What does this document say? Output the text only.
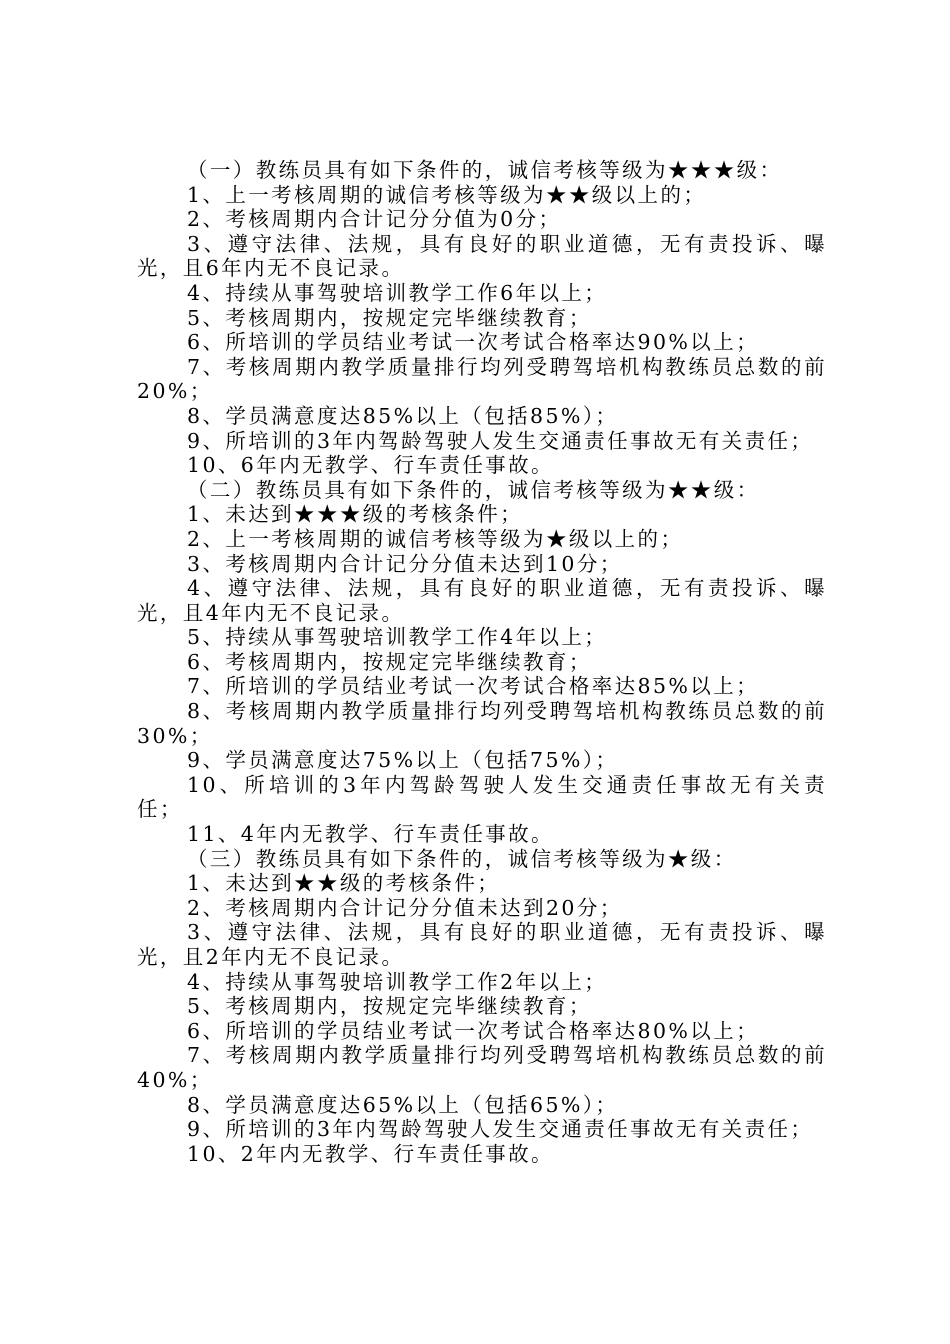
（一）教练员具有如下条件的，诚信考核等级为★★★级：

1、上一考核周期的诚信考核等级为★★级以上的；

2、考核周期内合计记分分值为0分；

3、遵守法律、法规，具有良好的职业道德，无有责投诉、曝光，且6年内无不良记录。

4、持续从事驾驶培训教学工作6年以上；

5、考核周期内，按规定完毕继续教育；

6、所培训的学员结业考试一次考试合格率达90%以上；

7、考核周期内教学质量排行均列受聘驾培机构教练员总数的前20%；

8、学员满意度达85%以上（包括85%）；

9、所培训的3年内驾龄驾驶人发生交通责任事故无有关责任；

10、6年内无教学、行车责任事故。

（二）教练员具有如下条件的，诚信考核等级为★★级：

1、未达到★★★级的考核条件；

2、上一考核周期的诚信考核等级为★级以上的；

3、考核周期内合计记分分值未达到10分；

4、遵守法律、法规，具有良好的职业道德，无有责投诉、曝光，且4年内无不良记录。

5、持续从事驾驶培训教学工作4年以上；

6、考核周期内，按规定完毕继续教育；

7、所培训的学员结业考试一次考试合格率达85%以上；

8、考核周期内教学质量排行均列受聘驾培机构教练员总数的前30%；

9、学员满意度达75%以上（包括75%）；

10、所培训的3年内驾龄驾驶人发生交通责任事故无有关责任；

11、4年内无教学、行车责任事故。

（三）教练员具有如下条件的，诚信考核等级为★级：

1、未达到★★级的考核条件；

2、考核周期内合计记分分值未达到20分；

3、遵守法律、法规，具有良好的职业道德，无有责投诉、曝光，且2年内无不良记录。

4、持续从事驾驶培训教学工作2年以上；

5、考核周期内，按规定完毕继续教育；

6、所培训的学员结业考试一次考试合格率达80%以上；

7、考核周期内教学质量排行均列受聘驾培机构教练员总数的前40%；

8、学员满意度达65%以上（包括65%）；

9、所培训的3年内驾龄驾驶人发生交通责任事故无有关责任；

10、2年内无教学、行车责任事故。
